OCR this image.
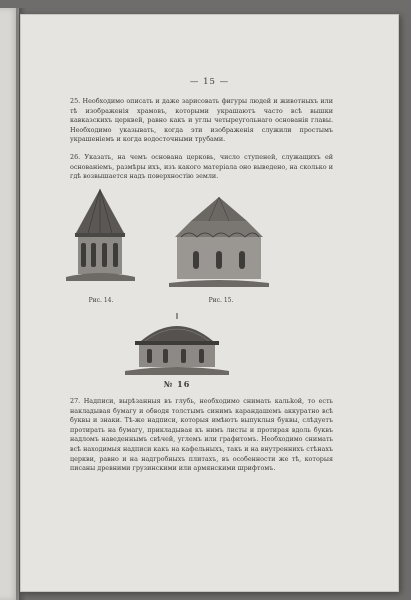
— 15 —
25. Необходимо описать и даже зарисовать фигуры людей и животныхъ или тѣ изображенія храмовъ, которыми украшаютъ часто всѣ вышки кавказскихъ церквей, равно какъ и углы четыреугольнаго основанія главы. Необходимо указывать, когда эти изображенія служили простымъ украшеніемъ и когда водосточными трубами.
26. Указать, на чемъ основана церковь, число ступеней, служащихъ ей основаніемъ, размѣры ихъ, изъ какого матеріала оно выведено, на сколько и гдѣ возвышается надъ поверхностію земли.
Рис. 14.	Рис. 15.
№ 16
27. Надписи, вырѣзанныя въ глубь, необходимо снимать кальkой, то есть накладывая бумагу и обводя толстымъ синимъ карандашемъ аккуратно всѣ буквы и знаки. Тѣ-же надписи, которыя имѣютъ выпуклыя буквы, слѣдуетъ протирать на бумагу, прикладывая къ нимъ листы и протирая вдоль буквъ надломъ наведеннымъ свѣчей, углемъ или графитомъ. Необходимо снимать всѣ находимыя надписи какъ на кафельныхъ, такъ и на внутреннихъ стѣнахъ церкви, равно и на надгробныхъ плитахъ, въ особенности же тѣ, которыя писаны древними грузинскими или армянскими шрифтомъ.
